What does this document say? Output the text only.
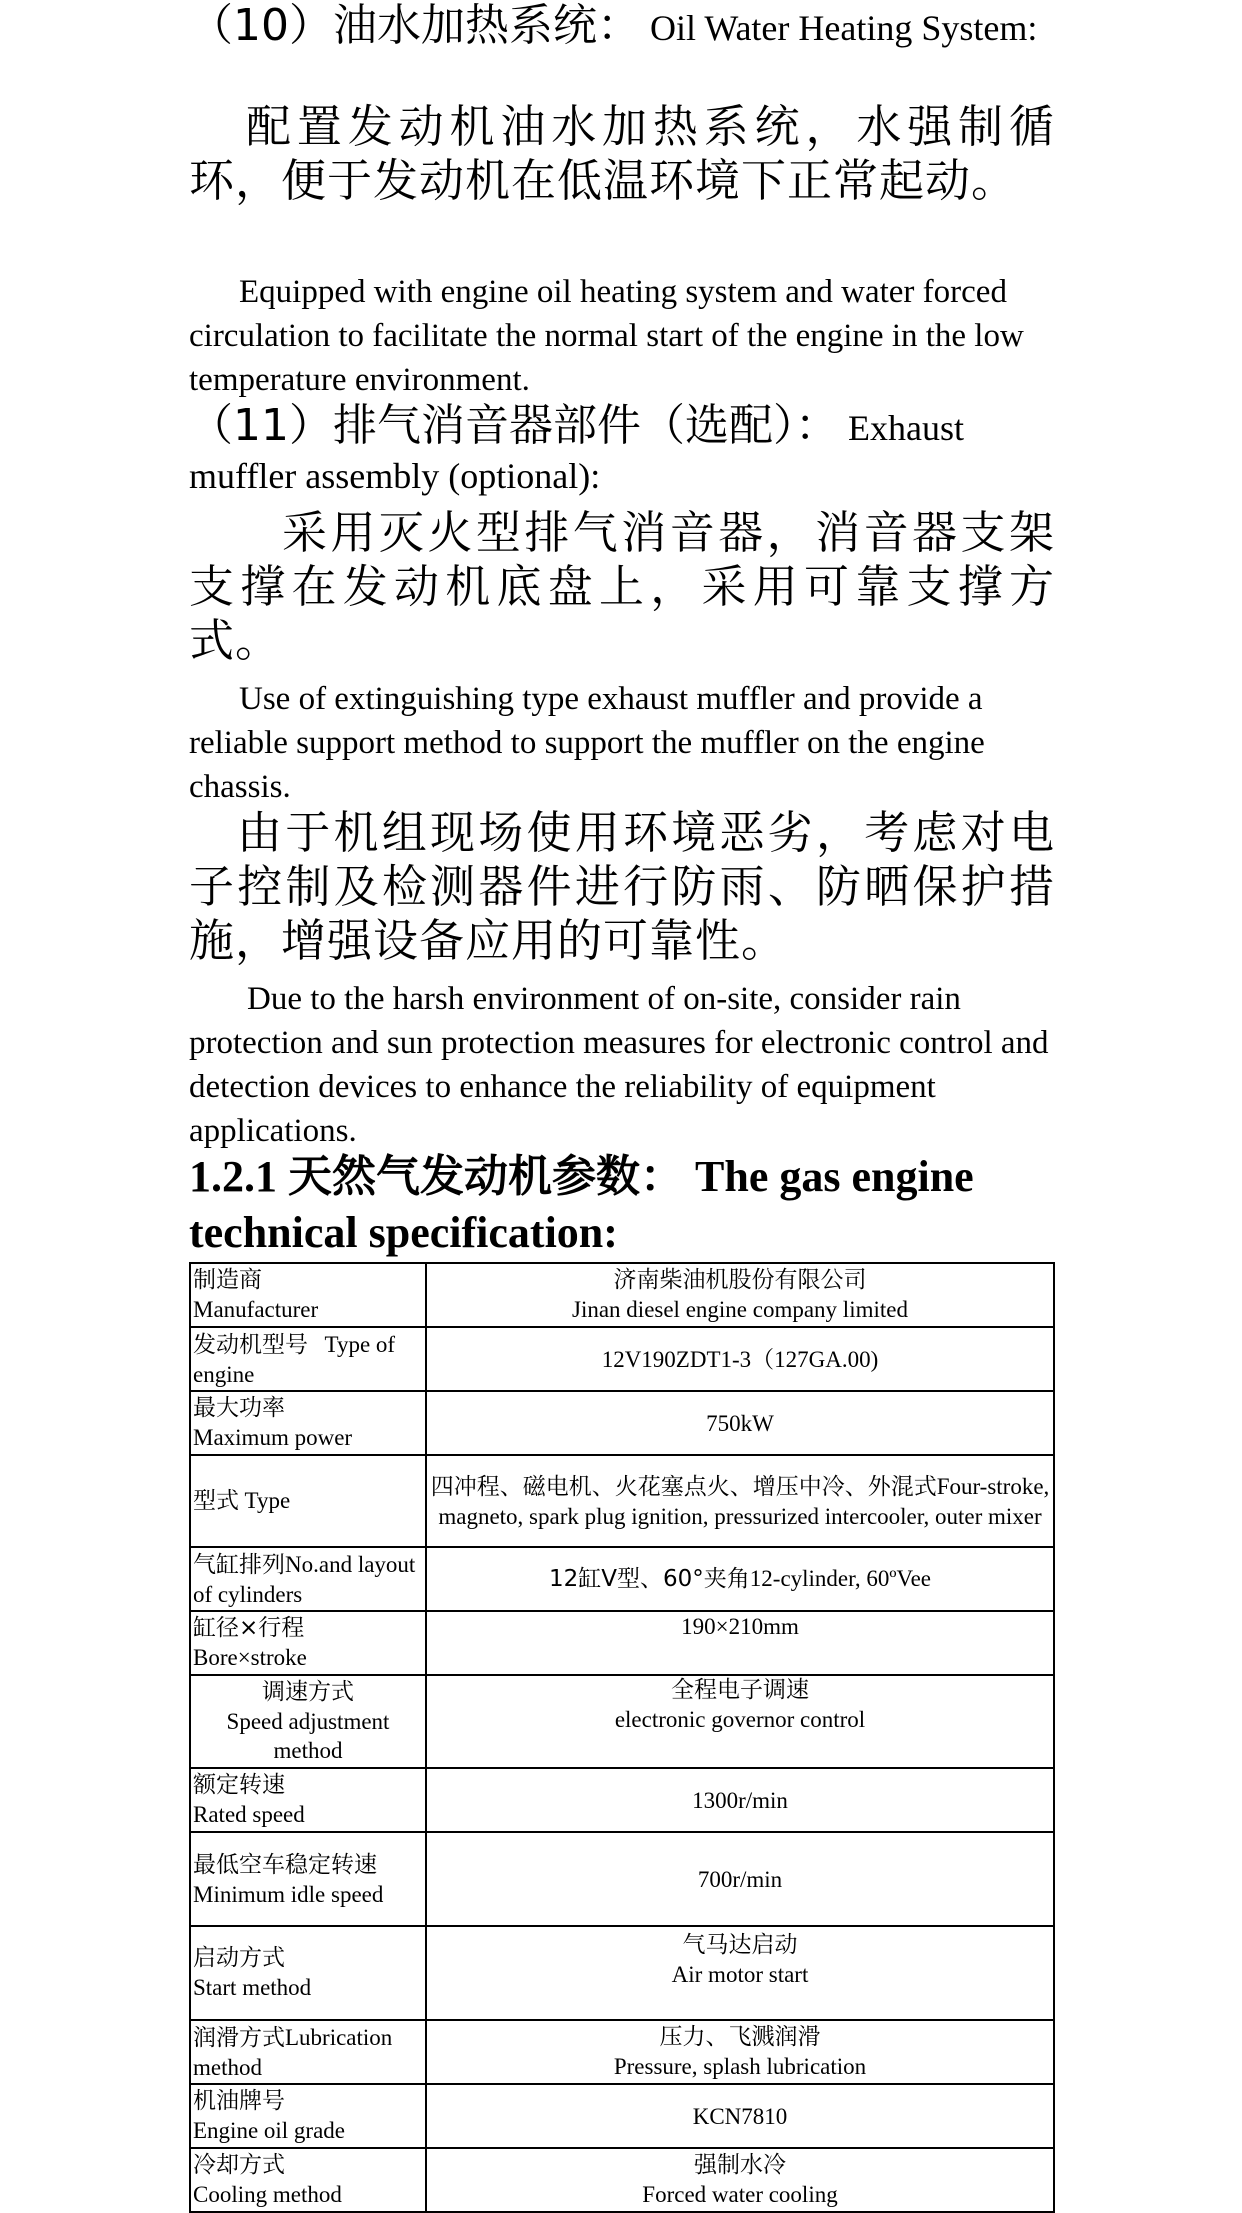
（10）油水加热系统： Oil Water Heating System:

配置发动机油水加热系统，水强制循环，便于发动机在低温环境下正常起动。

Equipped with engine oil heating system and water forced circulation to facilitate the normal start of the engine in the low temperature environment.

（11）排气消音器部件（选配）： Exhaust muffler assembly (optional):

采用灭火型排气消音器，消音器支架支撑在发动机底盘上，采用可靠支撑方式。

Use of extinguishing type exhaust muffler and provide a reliable support method to support the muffler on the engine chassis.

由于机组现场使用环境恶劣，考虑对电子控制及检测器件进行防雨、防晒保护措施，增强设备应用的可靠性。

Due to the harsh environment of on-site, consider rain protection and sun protection measures for electronic control and detection devices to enhance the reliability of equipment applications.

1.2.1 天然气发动机参数： The gas engine technical specification:

制造商
Manufacturer	济南柴油机股份有限公司
Jinan diesel engine company limited

发动机型号 Type of engine	12V190ZDT1-3（127GA.00)

最大功率
Maximum power	750kW
型式 Type	四冲程、磁电机、火花塞点火、增压中冷、外混式Four-stroke, magneto, spark plug ignition, pressurized intercooler, outer mixer
气缸排列No.and layout of cylinders	12缸V型、60°夹角12-cylinder, 60ºVee

缸径×行程
Bore×stroke	190×210mm

调速方式
Speed adjustment method	全程电子调速
electronic governor control

额定转速
Rated speed	1300r/min
最低空车稳定转速Minimum idle speed	700r/min

启动方式
Start method	气马达启动
Air motor start

润滑方式Lubrication method	压力、飞溅润滑
Pressure, splash lubrication

机油牌号
Engine oil grade	KCN7810

冷却方式
Cooling method	强制水冷
Forced water cooling
